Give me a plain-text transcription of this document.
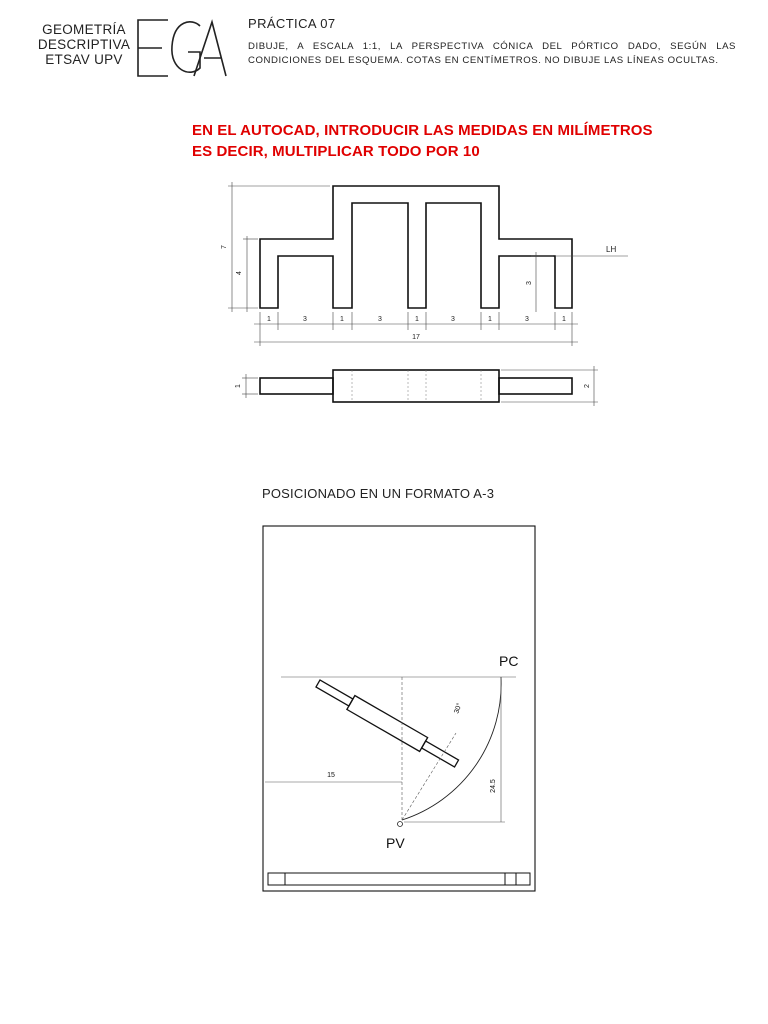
GEOMETRÍA
DESCRIPTIVA
ETSAV UPV
PRÁCTICA 07
DIBUJE, A ESCALA 1:1, LA PERSPECTIVA CÓNICA DEL PÓRTICO DADO, SEGÚN LAS CONDICIONES DEL ESQUEMA. COTAS EN CENTÍMETROS. NO DIBUJE LAS LÍNEAS OCULTAS.
EN EL AUTOCAD, INTRODUCIR LAS MEDIDAS EN MILÍMETROS
ES DECIR, MULTIPLICAR TODO POR 10
7
4
3
1	3	1	3	1	3	1	3	1
17
LH
1	2
PC
PV
30°
15
24.5
POSICIONADO EN UN FORMATO A-3
